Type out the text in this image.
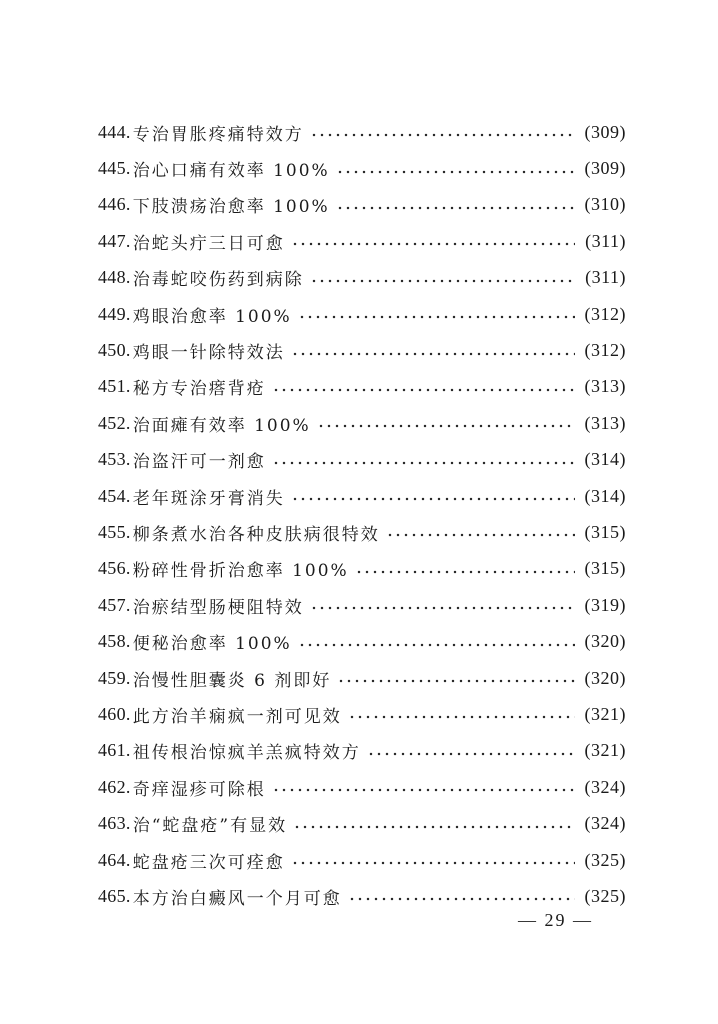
444. 专治胃胀疼痛特效方	(309)
445. 治心口痛有效率 100%	(309)
446. 下肢溃疡治愈率 100%	(310)
447. 治蛇头疔三日可愈	(311)
448. 治毒蛇咬伤药到病除	(311)
449. 鸡眼治愈率 100%	(312)
450. 鸡眼一针除特效法	(312)
451. 秘方专治瘩背疮	(313)
452. 治面瘫有效率 100%	(313)
453. 治盗汗可一剂愈	(314)
454. 老年斑涂牙膏消失	(314)
455. 柳条煮水治各种皮肤病很特效	(315)
456. 粉碎性骨折治愈率 100%	(315)
457. 治瘀结型肠梗阻特效	(319)
458. 便秘治愈率 100%	(320)
459. 治慢性胆囊炎 6 剂即好	(320)
460. 此方治羊痫疯一剂可见效	(321)
461. 祖传根治惊疯羊羔疯特效方	(321)
462. 奇痒湿疹可除根	(324)
463. 治“蛇盘疮”有显效	(324)
464. 蛇盘疮三次可痊愈	(325)
465. 本方治白癜风一个月可愈	(325)
— 29 —
